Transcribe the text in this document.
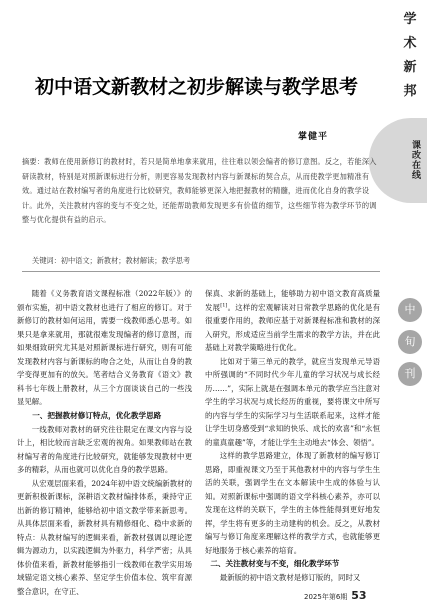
学
术
新
邦
课改在线
中
旬
刊
初中语文新教材之初步解读与教学思考
掌健平
摘要：教师在使用新修订的教材时，若只是简单地拿来就用，往往难以领会编者的修订意图。反之，若能深入研读教材，特别是对照新课标进行分析，则更容易发现教材内容与新课标的契合点，从而使教学更加精准有效。通过站在教材编写者的角度进行比较研究，教师能够更深入地把握教材的精髓，进而优化自身的教学设计。此外，关注教材内容的变与不变之处，还能帮助教师发现更多有价值的细节，这些细节将为教学环节的调整与优化提供有益的启示。
关键词：初中语文；新教材；教材解读；教学思考

随着《义务教育语文课程标准（2022年版）》的颁布实施，初中语文教材也进行了相应的修订。对于新修订的教材如何运用，需要一线教师悉心思考。如果只是拿来就用，那就很难发现编者的修订意图，而如果细致研究尤其是对照新课标进行研究，则有可能发现教材内容与新课标的吻合之处，从而让自身的教学变得更加有的放矢。笔者结合义务教育《语文》教科书七年级上册教材，从三个方面谈谈自己的一些浅显见解。

一、把握教材修订特点，优化教学思路

一线教师对教材的研究往往限定在课文内容与设计上，相比较而言缺乏宏观的视角。如果教师站在教材编写者的角度进行比较研究，就能够发现教材中更多的精彩，从而也就可以优化自身的教学思路。

从宏观层面来看，2024年初中语文统编新教材的更新积极新课标，深耕语文教材编排体系，秉持守正出新的修订精神，能够给初中语文教学带来新思考。从具体层面来看，新教材具有精修细化、稳中求新的特点：从教材编写的逻辑来看，新教材强调以理论逻辑为源动力，以实践逻辑为外驱力，科学严密；从具体价值来看，新教材能够指引一线教师在教学实用场域锚定语文核心素养、坚定学生价值本位、筑牢育源整合意识，在守正、

保真、求新的基础上，能够助力初中语文教育高质量发展[1]。这样的宏观解读对日常教学思路的优化是有很重要作用的，教师应基于对新课程标准和教材的深入研究，形成适应当前学生需求的教学方法，并在此基础上对教学策略进行优化。

比如对于第三单元的教学，就应当发现单元导语中所强调的“不同时代少年儿童的学习状况与成长经历……”，实际上就是在强调本单元的教学应当注意对学生的学习状况与成长经历的重视，要将课文中所写的内容与学生的实际学习与生活联系起来，这样才能让学生切身感受到“求知的快乐、成长的欢喜”和“永恒的童真童趣”等，才能让学生主动地去“体会、领悟”。

这样的教学思路建立，体现了新教材的编写修订思路，即重视课文乃至于其他教材中的内容与学生生活的关联，强调学生在文本解读中生成的体验与认知。对照新课标中强调的语文学科核心素养，亦可以发现在这样的关联下，学生的主体性能得到更好地发挥，学生将有更多的主动建构的机会。反之，从教材编写与修订角度来理解这样的教学方式，也就能够更好地服务于核心素养的培育。

二、关注教材变与不变，细化教学环节

最新版的初中语文教材是修订版的，同时又

2025年第6期 53
